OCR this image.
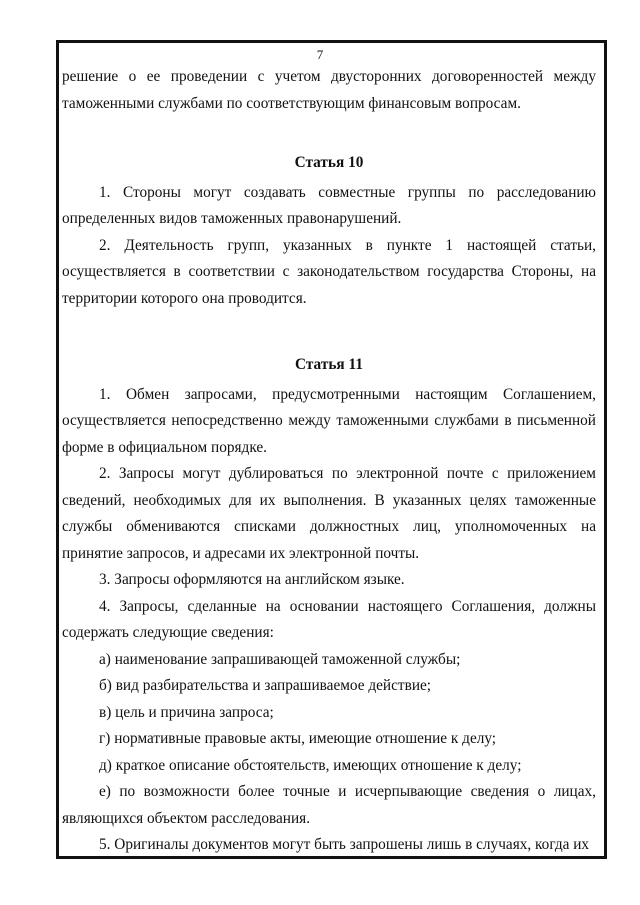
7

решение о ее проведении с учетом двусторонних договоренностей между таможенными службами по соответствующим финансовым вопросам.

Статья 10

1. Стороны могут создавать совместные группы по расследованию определенных видов таможенных правонарушений.

2. Деятельность групп, указанных в пункте 1 настоящей статьи, осуществляется в соответствии с законодательством государства Стороны, на территории которого она проводится.

Статья 11

1. Обмен запросами, предусмотренными настоящим Соглашением, осуществляется непосредственно между таможенными службами в письменной форме в официальном порядке.

2. Запросы могут дублироваться по электронной почте с приложением сведений, необходимых для их выполнения. В указанных целях таможенные службы обмениваются списками должностных лиц, уполномоченных на принятие запросов, и адресами их электронной почты.

3. Запросы оформляются на английском языке.

4. Запросы, сделанные на основании настоящего Соглашения, должны содержать следующие сведения:

а) наименование запрашивающей таможенной службы;

б) вид разбирательства и запрашиваемое действие;

в) цель и причина запроса;

г) нормативные правовые акты, имеющие отношение к делу;

д) краткое описание обстоятельств, имеющих отношение к делу;

е) по возможности более точные и исчерпывающие сведения о лицах, являющихся объектом расследования.

5. Оригиналы документов могут быть запрошены лишь в случаях, когда их
